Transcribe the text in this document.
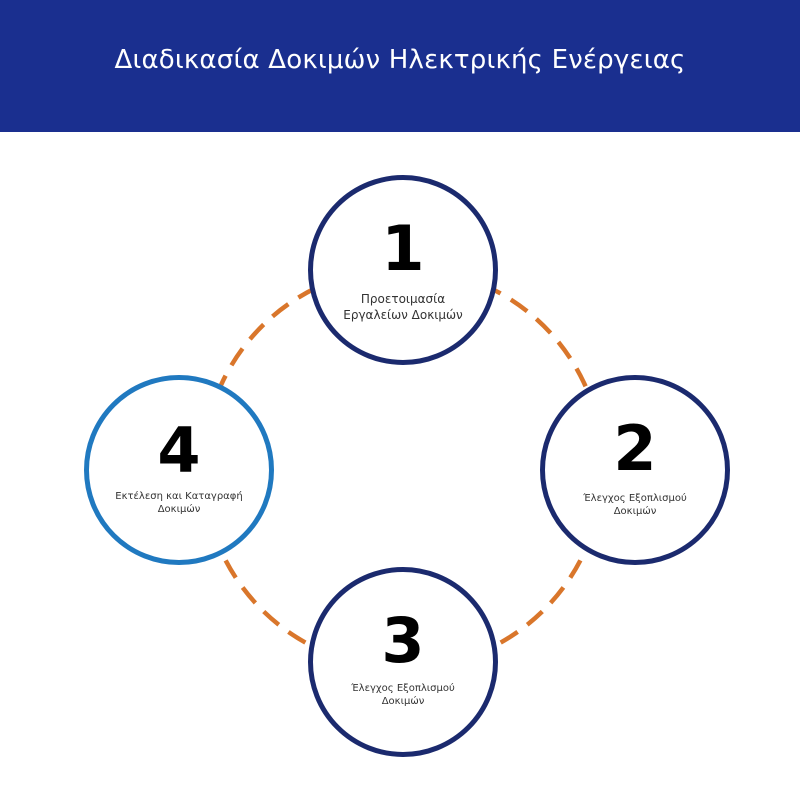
Διαδικασία Δοκιμών Ηλεκτρικής Ενέργειας
1
Προετοιμασία Εργαλείων Δοκιμών
2
Έλεγχος Εξοπλισμού Δοκιμών
3
Έλεγχος Εξοπλισμού Δοκιμών
4
Εκτέλεση και Καταγραφή Δοκιμών
